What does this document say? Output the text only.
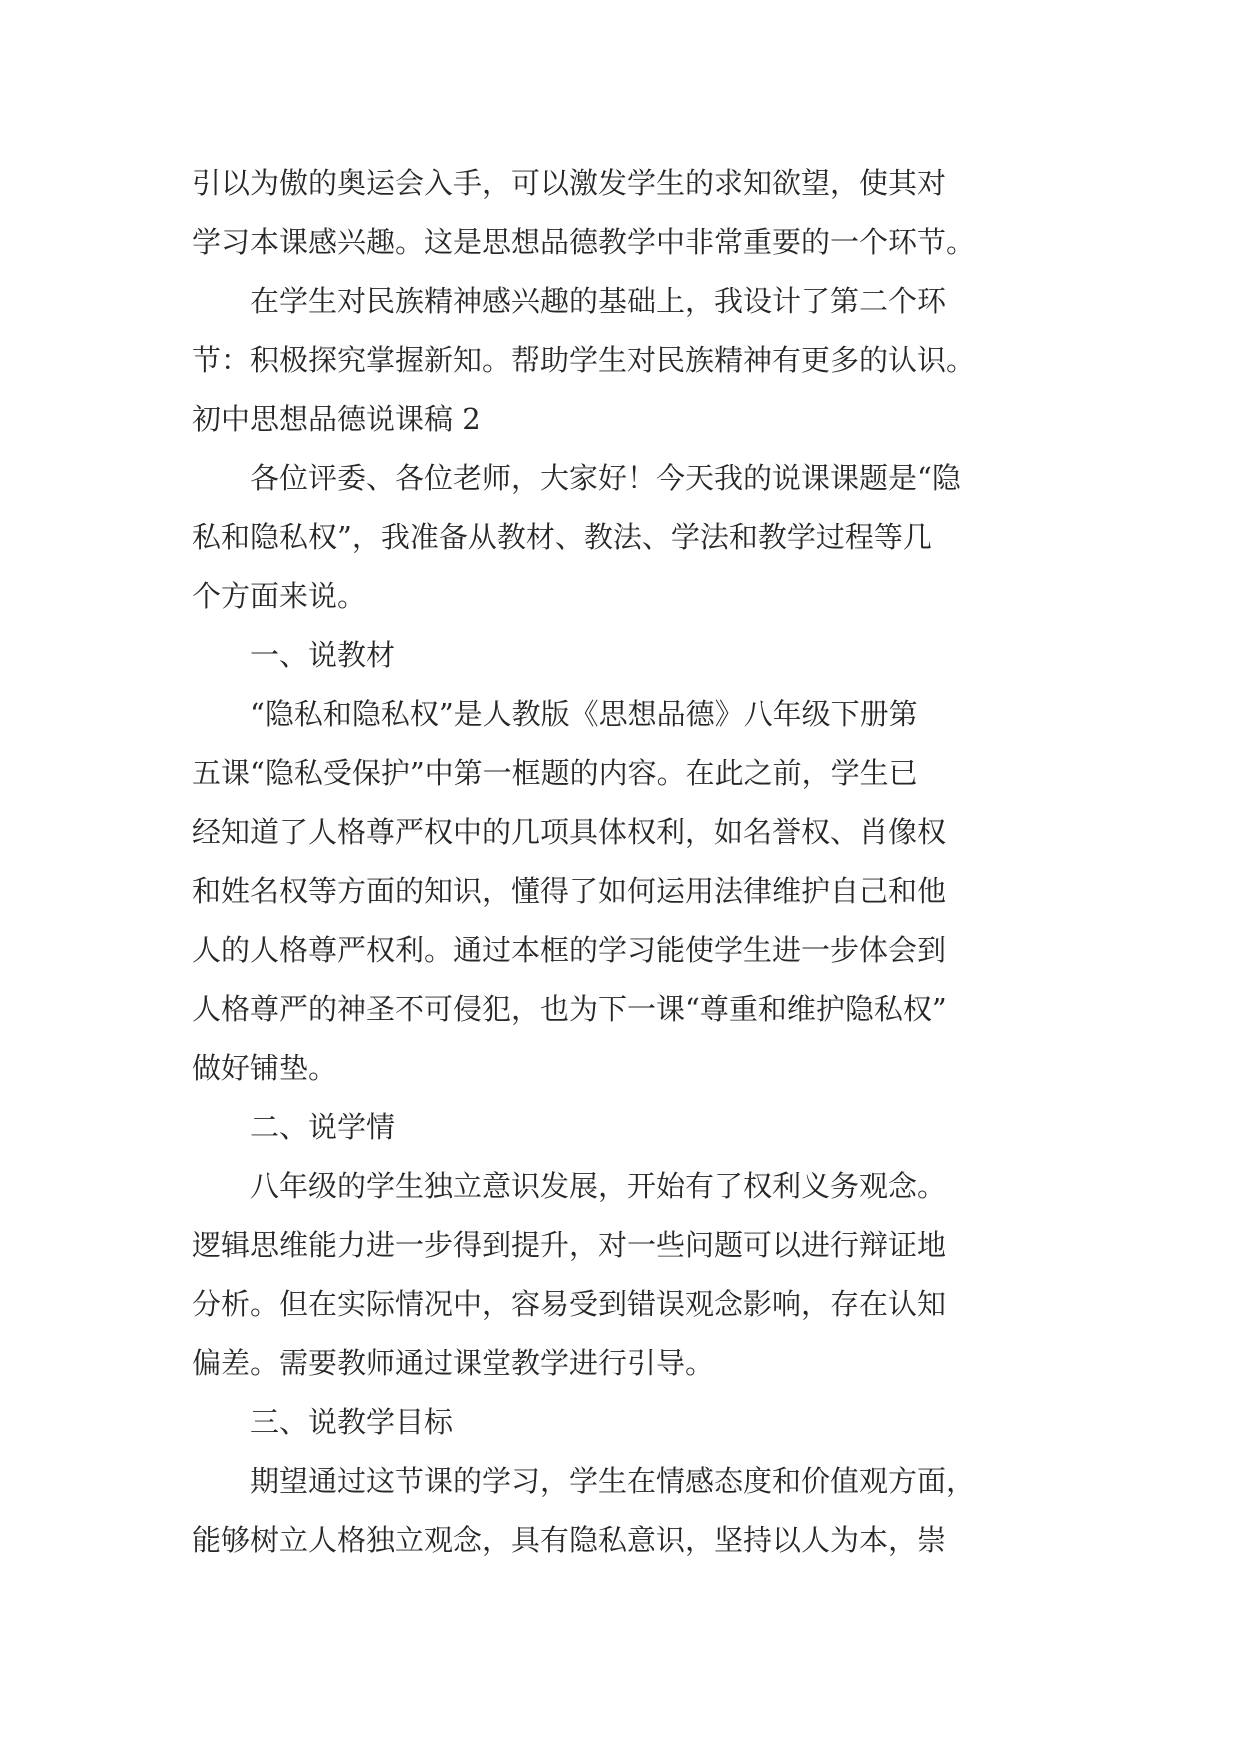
引以为傲的奥运会入手，可以激发学生的求知欲望，使其对

学习本课感兴趣。这是思想品德教学中非常重要的一个环节。

在学生对民族精神感兴趣的基础上，我设计了第二个环

节：积极探究掌握新知。帮助学生对民族精神有更多的认识。

初中思想品德说课稿 2

各位评委、各位老师，大家好！今天我的说课课题是“隐

私和隐私权”，我准备从教材、教法、学法和教学过程等几

个方面来说。

一、说教材

“隐私和隐私权”是人教版《思想品德》八年级下册第

五课“隐私受保护”中第一框题的内容。在此之前，学生已

经知道了人格尊严权中的几项具体权利，如名誉权、肖像权

和姓名权等方面的知识，懂得了如何运用法律维护自己和他

人的人格尊严权利。通过本框的学习能使学生进一步体会到

人格尊严的神圣不可侵犯，也为下一课“尊重和维护隐私权”

做好铺垫。

二、说学情

八年级的学生独立意识发展，开始有了权利义务观念。

逻辑思维能力进一步得到提升，对一些问题可以进行辩证地

分析。但在实际情况中，容易受到错误观念影响，存在认知

偏差。需要教师通过课堂教学进行引导。

三、说教学目标

期望通过这节课的学习，学生在情感态度和价值观方面，

能够树立人格独立观念，具有隐私意识，坚持以人为本，崇
